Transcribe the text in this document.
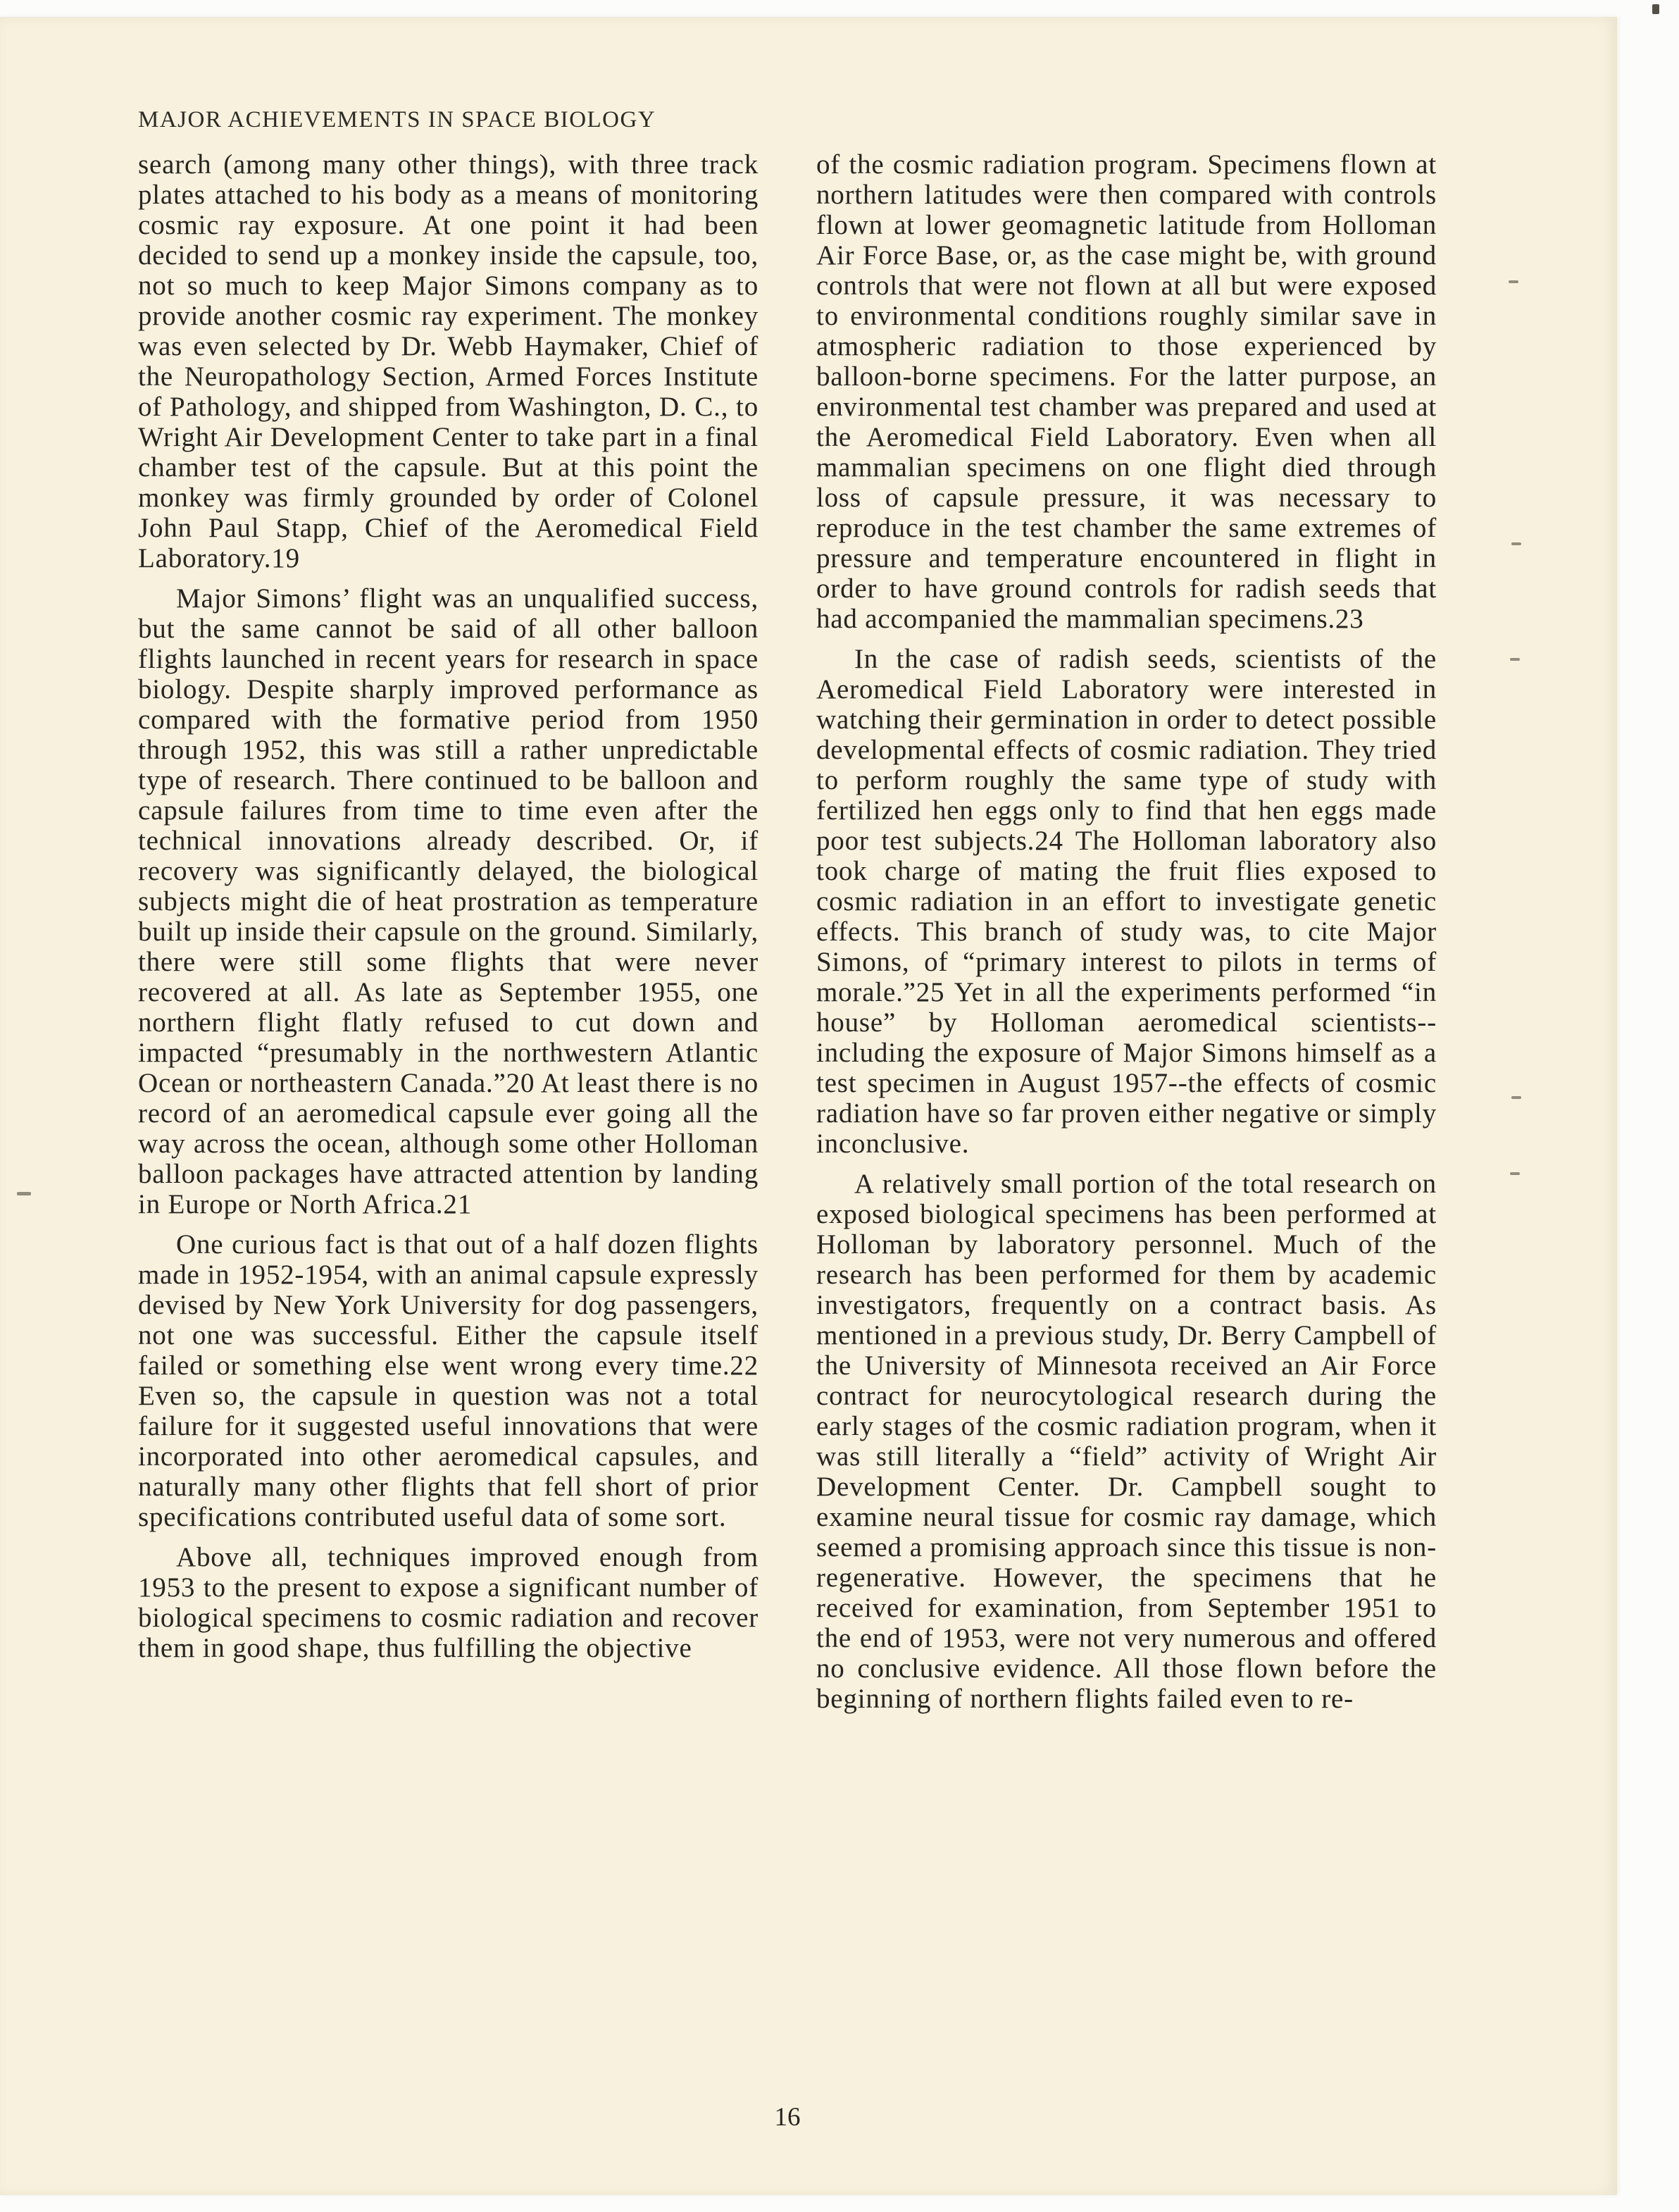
MAJOR ACHIEVEMENTS IN SPACE BIOLOGY

search (among many other things), with three track plates attached to his body as a means of monitoring cosmic ray exposure. At one point it had been decided to send up a monkey inside the capsule, too, not so much to keep Major Simons company as to provide another cosmic ray experiment. The monkey was even selected by Dr. Webb Haymaker, Chief of the Neuropathology Section, Armed Forces Institute of Pathology, and shipped from Washington, D. C., to Wright Air Development Center to take part in a final chamber test of the capsule. But at this point the monkey was firmly grounded by order of Colonel John Paul Stapp, Chief of the Aeromedical Field Laboratory.19

Major Simons’ flight was an unqualified success, but the same cannot be said of all other balloon flights launched in recent years for research in space biology. Despite sharply improved performance as compared with the formative period from 1950 through 1952, this was still a rather unpredictable type of research. There continued to be balloon and capsule failures from time to time even after the technical innovations already described. Or, if recovery was significantly delayed, the biological subjects might die of heat prostration as temperature built up inside their capsule on the ground. Similarly, there were still some flights that were never recovered at all. As late as September 1955, one northern flight flatly refused to cut down and impacted “presumably in the northwestern Atlantic Ocean or northeastern Canada.”20 At least there is no record of an aeromedical capsule ever going all the way across the ocean, although some other Holloman balloon packages have attracted attention by landing in Europe or North Africa.21

One curious fact is that out of a half dozen flights made in 1952-1954, with an animal capsule expressly devised by New York University for dog passengers, not one was successful. Either the capsule itself failed or something else went wrong every time.22 Even so, the capsule in question was not a total failure for it suggested useful innovations that were incorporated into other aeromedical capsules, and naturally many other flights that fell short of prior specifications contributed useful data of some sort.

Above all, techniques improved enough from 1953 to the present to expose a significant number of biological specimens to cosmic radiation and recover them in good shape, thus fulfilling the objective

of the cosmic radiation program. Specimens flown at northern latitudes were then compared with controls flown at lower geomagnetic latitude from Holloman Air Force Base, or, as the case might be, with ground controls that were not flown at all but were exposed to environmental conditions roughly similar save in atmospheric radiation to those experienced by balloon-borne specimens. For the latter purpose, an environmental test chamber was prepared and used at the Aeromedical Field Laboratory. Even when all mammalian specimens on one flight died through loss of capsule pressure, it was necessary to reproduce in the test chamber the same extremes of pressure and temperature encountered in flight in order to have ground controls for radish seeds that had accompanied the mammalian specimens.23

In the case of radish seeds, scientists of the Aeromedical Field Laboratory were interested in watching their germination in order to detect possible developmental effects of cosmic radiation. They tried to perform roughly the same type of study with fertilized hen eggs only to find that hen eggs made poor test subjects.24 The Holloman laboratory also took charge of mating the fruit flies exposed to cosmic radiation in an effort to investigate genetic effects. This branch of study was, to cite Major Simons, of “primary interest to pilots in terms of morale.”25 Yet in all the experiments performed “in house” by Holloman aeromedical scientists--including the exposure of Major Simons himself as a test specimen in August 1957--the effects of cosmic radiation have so far proven either negative or simply inconclusive.

A relatively small portion of the total research on exposed biological specimens has been performed at Holloman by laboratory personnel. Much of the research has been performed for them by academic investigators, frequently on a contract basis. As mentioned in a previous study, Dr. Berry Campbell of the University of Minnesota received an Air Force contract for neurocytological research during the early stages of the cosmic radiation program, when it was still literally a “field” activity of Wright Air Development Center. Dr. Campbell sought to examine neural tissue for cosmic ray damage, which seemed a promising approach since this tissue is non-regenerative. However, the specimens that he received for examination, from September 1951 to the end of 1953, were not very numerous and offered no conclusive evidence. All those flown before the beginning of northern flights failed even to re-

16
